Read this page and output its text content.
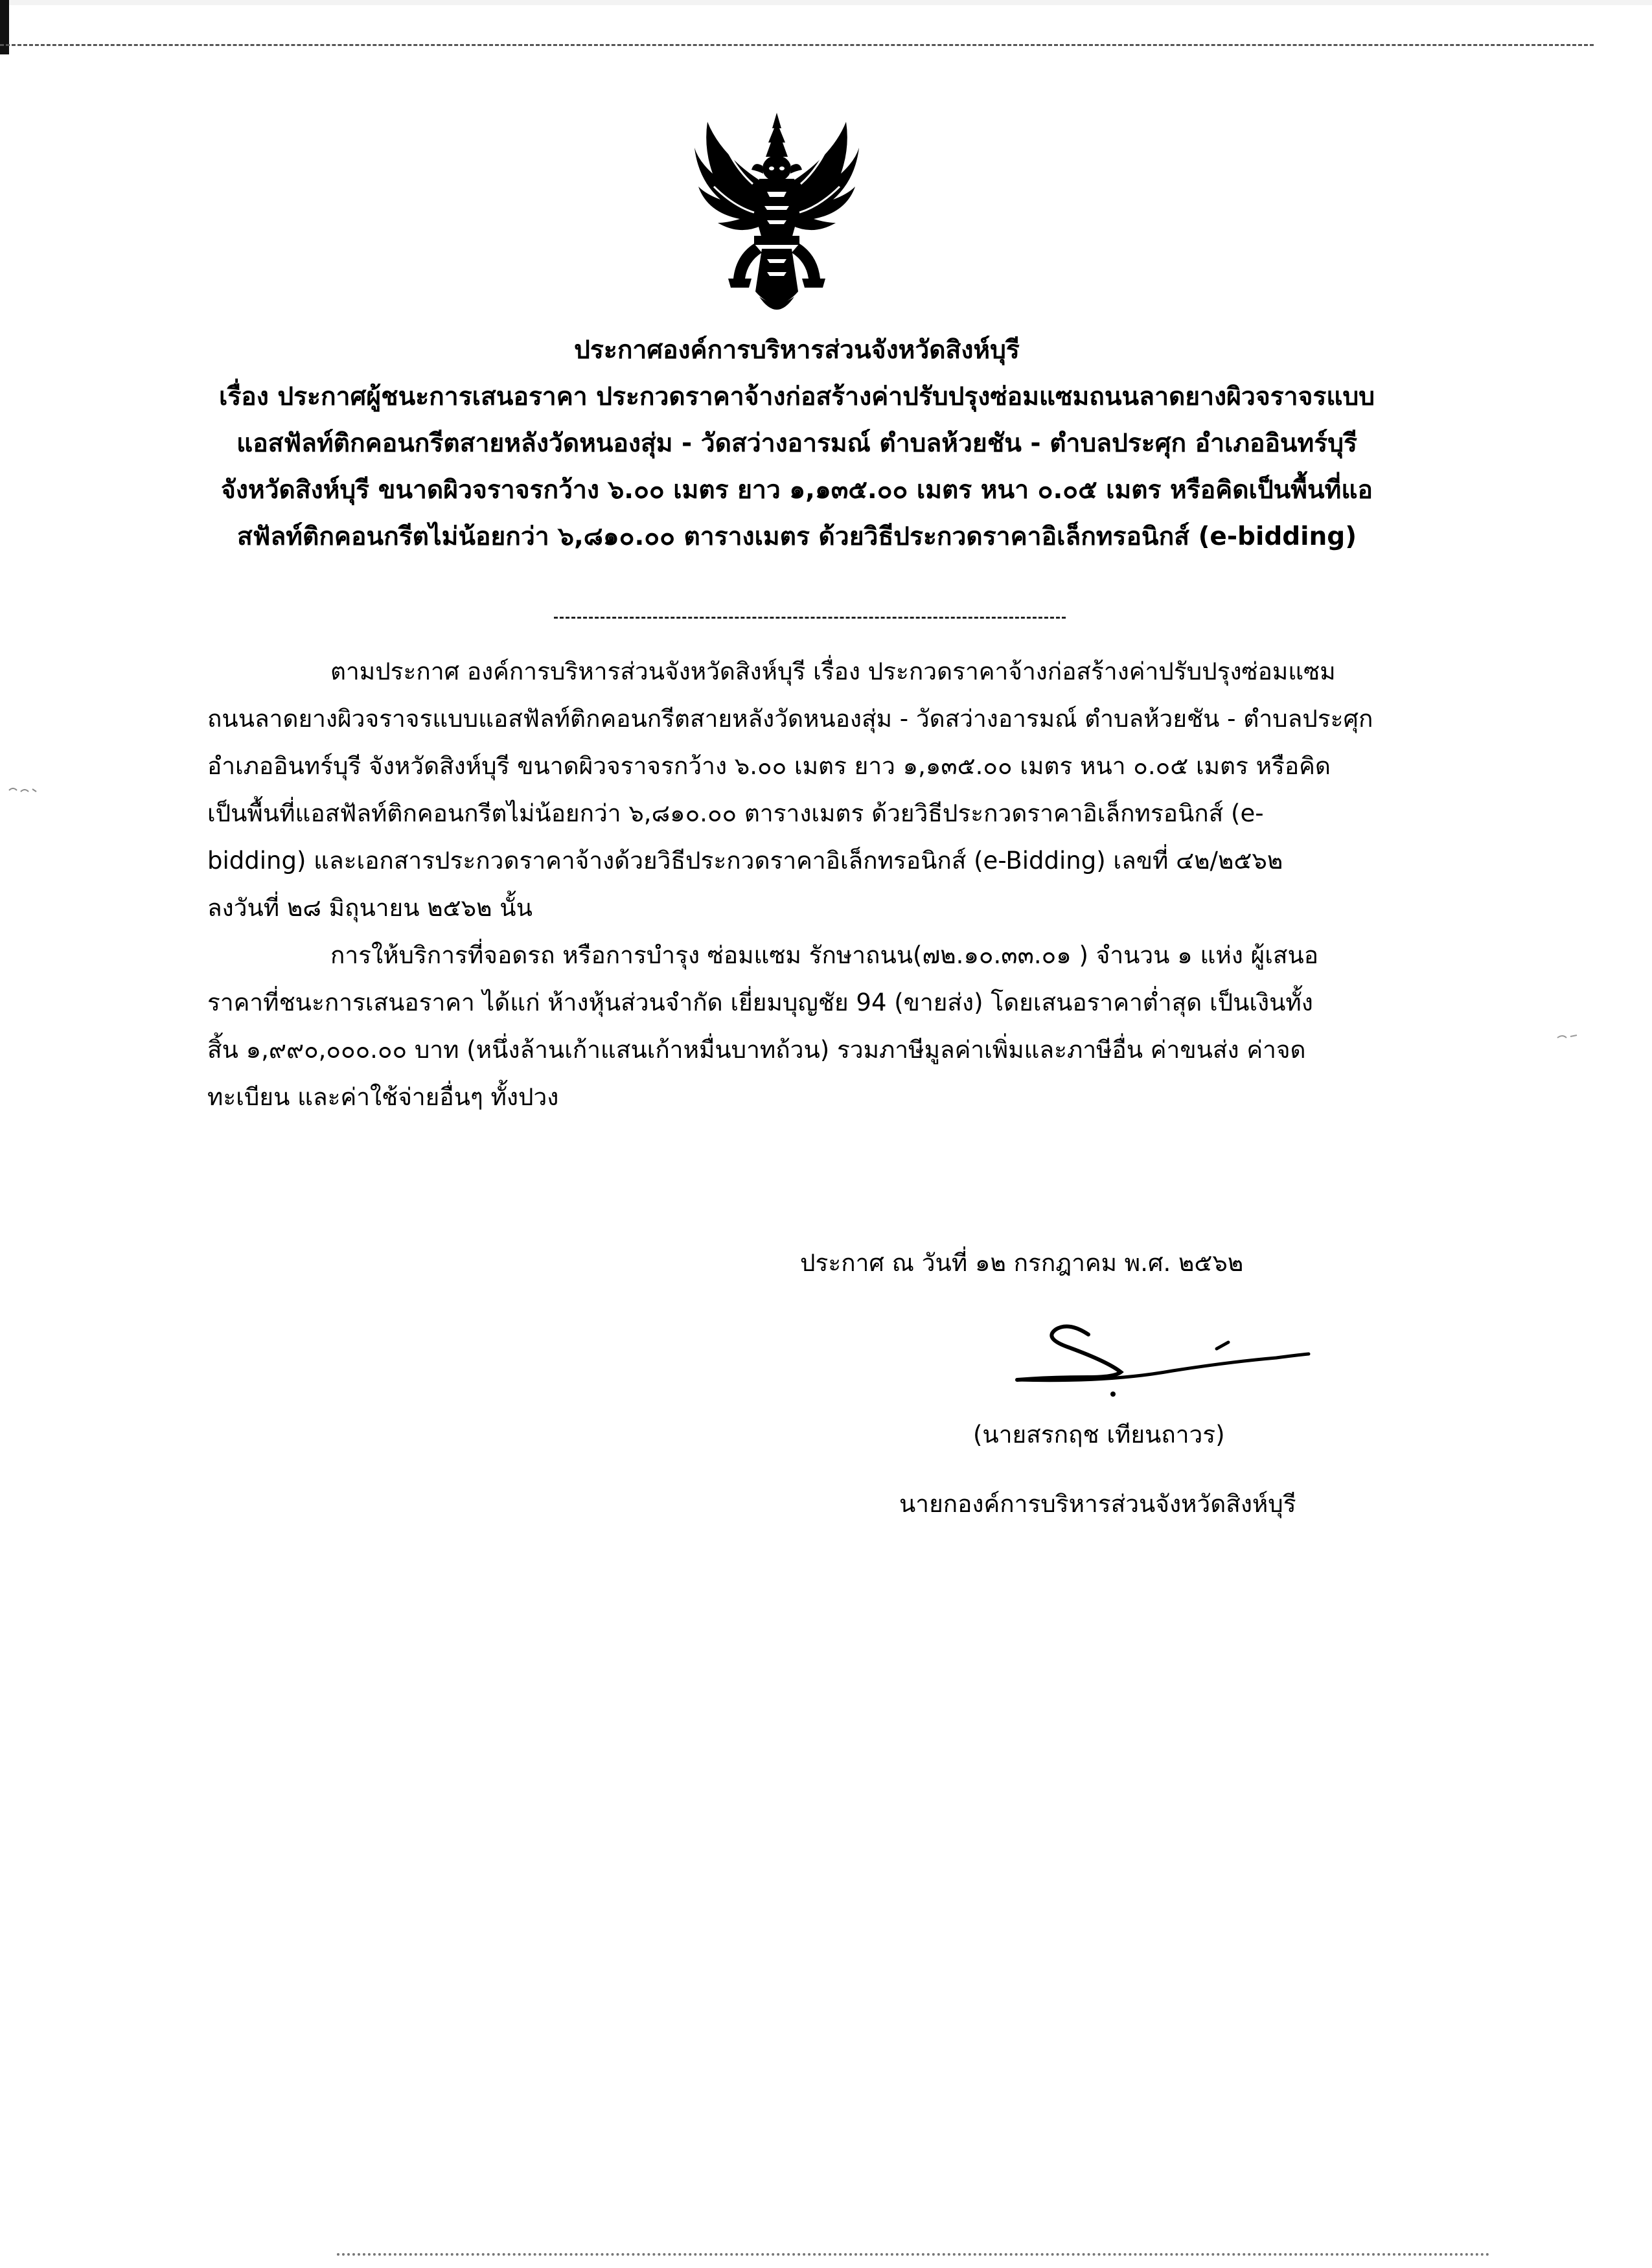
ประกาศองค์การบริหารส่วนจังหวัดสิงห์บุรี
เรื่อง ประกาศผู้ชนะการเสนอราคา ประกวดราคาจ้างก่อสร้างค่าปรับปรุงซ่อมแซมถนนลาดยางผิวจราจรแบบ
แอสฟัลท์ติกคอนกรีตสายหลังวัดหนองสุ่ม - วัดสว่างอารมณ์ ตำบลห้วยชัน - ตำบลประศุก อำเภออินทร์บุรี
จังหวัดสิงห์บุรี ขนาดผิวจราจรกว้าง ๖.๐๐ เมตร ยาว ๑,๑๓๕.๐๐ เมตร หนา ๐.๐๕ เมตร หรือคิดเป็นพื้นที่แอ
สฟัลท์ติกคอนกรีตไม่น้อยกว่า ๖,๘๑๐.๐๐ ตารางเมตร ด้วยวิธีประกวดราคาอิเล็กทรอนิกส์ (e-bidding)
ตามประกาศ องค์การบริหารส่วนจังหวัดสิงห์บุรี เรื่อง ประกวดราคาจ้างก่อสร้างค่าปรับปรุงซ่อมแซม
ถนนลาดยางผิวจราจรแบบแอสฟัลท์ติกคอนกรีตสายหลังวัดหนองสุ่ม - วัดสว่างอารมณ์ ตำบลห้วยชัน - ตำบลประศุก
อำเภออินทร์บุรี จังหวัดสิงห์บุรี ขนาดผิวจราจรกว้าง ๖.๐๐ เมตร ยาว ๑,๑๓๕.๐๐ เมตร หนา ๐.๐๕ เมตร หรือคิด
เป็นพื้นที่แอสฟัลท์ติกคอนกรีตไม่น้อยกว่า ๖,๘๑๐.๐๐ ตารางเมตร ด้วยวิธีประกวดราคาอิเล็กทรอนิกส์ (e-
bidding) และเอกสารประกวดราคาจ้างด้วยวิธีประกวดราคาอิเล็กทรอนิกส์ (e-Bidding) เลขที่ ๔๒/๒๕๖๒
ลงวันที่ ๒๘ มิถุนายน ๒๕๖๒ นั้น
การให้บริการที่จอดรถ หรือการบำรุง ซ่อมแซม รักษาถนน(๗๒.๑๐.๓๓.๐๑ ) จำนวน ๑ แห่ง ผู้เสนอ
ราคาที่ชนะการเสนอราคา ได้แก่ ห้างหุ้นส่วนจำกัด เยี่ยมบุญชัย 94 (ขายส่ง) โดยเสนอราคาต่ำสุด เป็นเงินทั้ง
สิ้น ๑,๙๙๐,๐๐๐.๐๐ บาท (หนึ่งล้านเก้าแสนเก้าหมื่นบาทถ้วน) รวมภาษีมูลค่าเพิ่มและภาษีอื่น ค่าขนส่ง ค่าจด
ทะเบียน และค่าใช้จ่ายอื่นๆ ทั้งปวง
ประกาศ ณ วันที่ ๑๒ กรกฎาคม พ.ศ. ๒๕๖๒
(นายสรกฤช เทียนถาวร)
นายกองค์การบริหารส่วนจังหวัดสิงห์บุรี
